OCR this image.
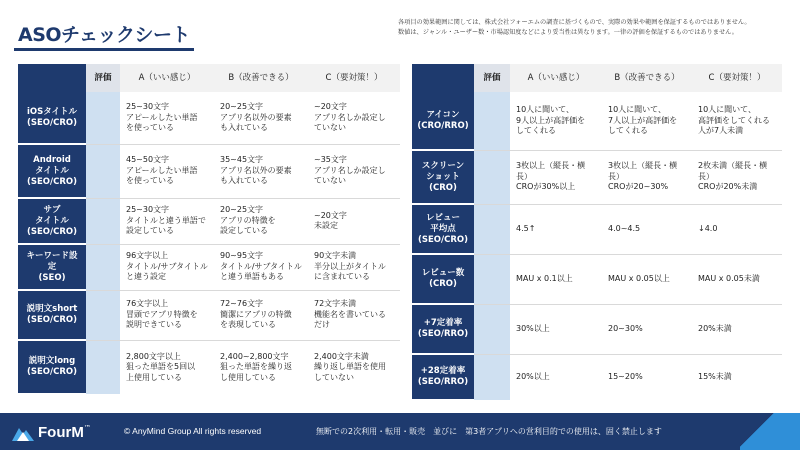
ASOチェックシート
各項目の効果範囲に関しては、株式会社フォーエムの調査に基づくもので、実際の効果や範囲を保証するものではありません。
数値は、ジャンル・ユーザー数・市場認知度などにより妥当性は異なります。一律の評価を保証するものではありません。
	評価	A（いい感じ）	B（改善できる）	C（要対策！）
iOSタイトル
(SEO/CRO)		25~30文字
アピールしたい単語
を使っている	20~25文字
アプリ名以外の要素
も入れている	~20文字
アプリ名しか設定し
ていない

Android
タイトル
(SEO/CRO)		45~50文字
アピールしたい単語
を使っている	35~45文字
アプリ名以外の要素
も入れている	~35文字
アプリ名しか設定し
ていない

サブ
タイトル
(SEO/CRO)		25~30文字
タイトルと違う単語で
設定している	20~25文字
アプリの特徴を
設定している	~20文字
未設定

キーワード設
定
(SEO)		96文字以上
タイトル/サブタイトル
と違う設定	90~95文字
タイトル/サブタイトル
と違う単語もある	90文字未満
半分以上がタイトル
に含まれている

説明文short
(SEO/CRO)		76文字以上
冒頭でアプリ特徴を
説明できている	72~76文字
簡潔にアプリの特徴
を表現している	72文字未満
機能名を書いている
だけ

説明文long
(SEO/CRO)		2,800文字以上
狙った単語を5回以
上使用している	2,400~2,800文字
狙った単語を繰り返
し使用している	2,400文字未満
繰り返し単語を使用
していない
	評価	A（いい感じ）	B（改善できる）	C（要対策！）
アイコン
(CRO/RRO)		10人に聞いて、
9人以上が高評価を
してくれる	10人に聞いて、
7人以上が高評価を
してくれる	10人に聞いて、
高評価をしてくれる
人が7人未満

スクリーン
ショット
(CRO)		3枚以上（縦長・横
長）
CROが30%以上	3枚以上（縦長・横
長）
CROが20~30%	2枚未満（縦長・横
長）
CROが20%未満

レビュー
平均点
(SEO/CRO)		4.5↑	4.0~4.5	↓4.0

レビュー数
(CRO)		MAU x 0.1以上	MAU x 0.05以上	MAU x 0.05未満

+7定着率
(SEO/RRO)		30%以上	20~30%	20%未満

+28定着率
(SEO/RRO)		20%以上	15~20%	15%未満
FourM ™	© AnyMind Group All rights reserved	無断での2次利用・転用・販売　並びに　第3者アプリへの営利目的での使用は、固く禁止します
